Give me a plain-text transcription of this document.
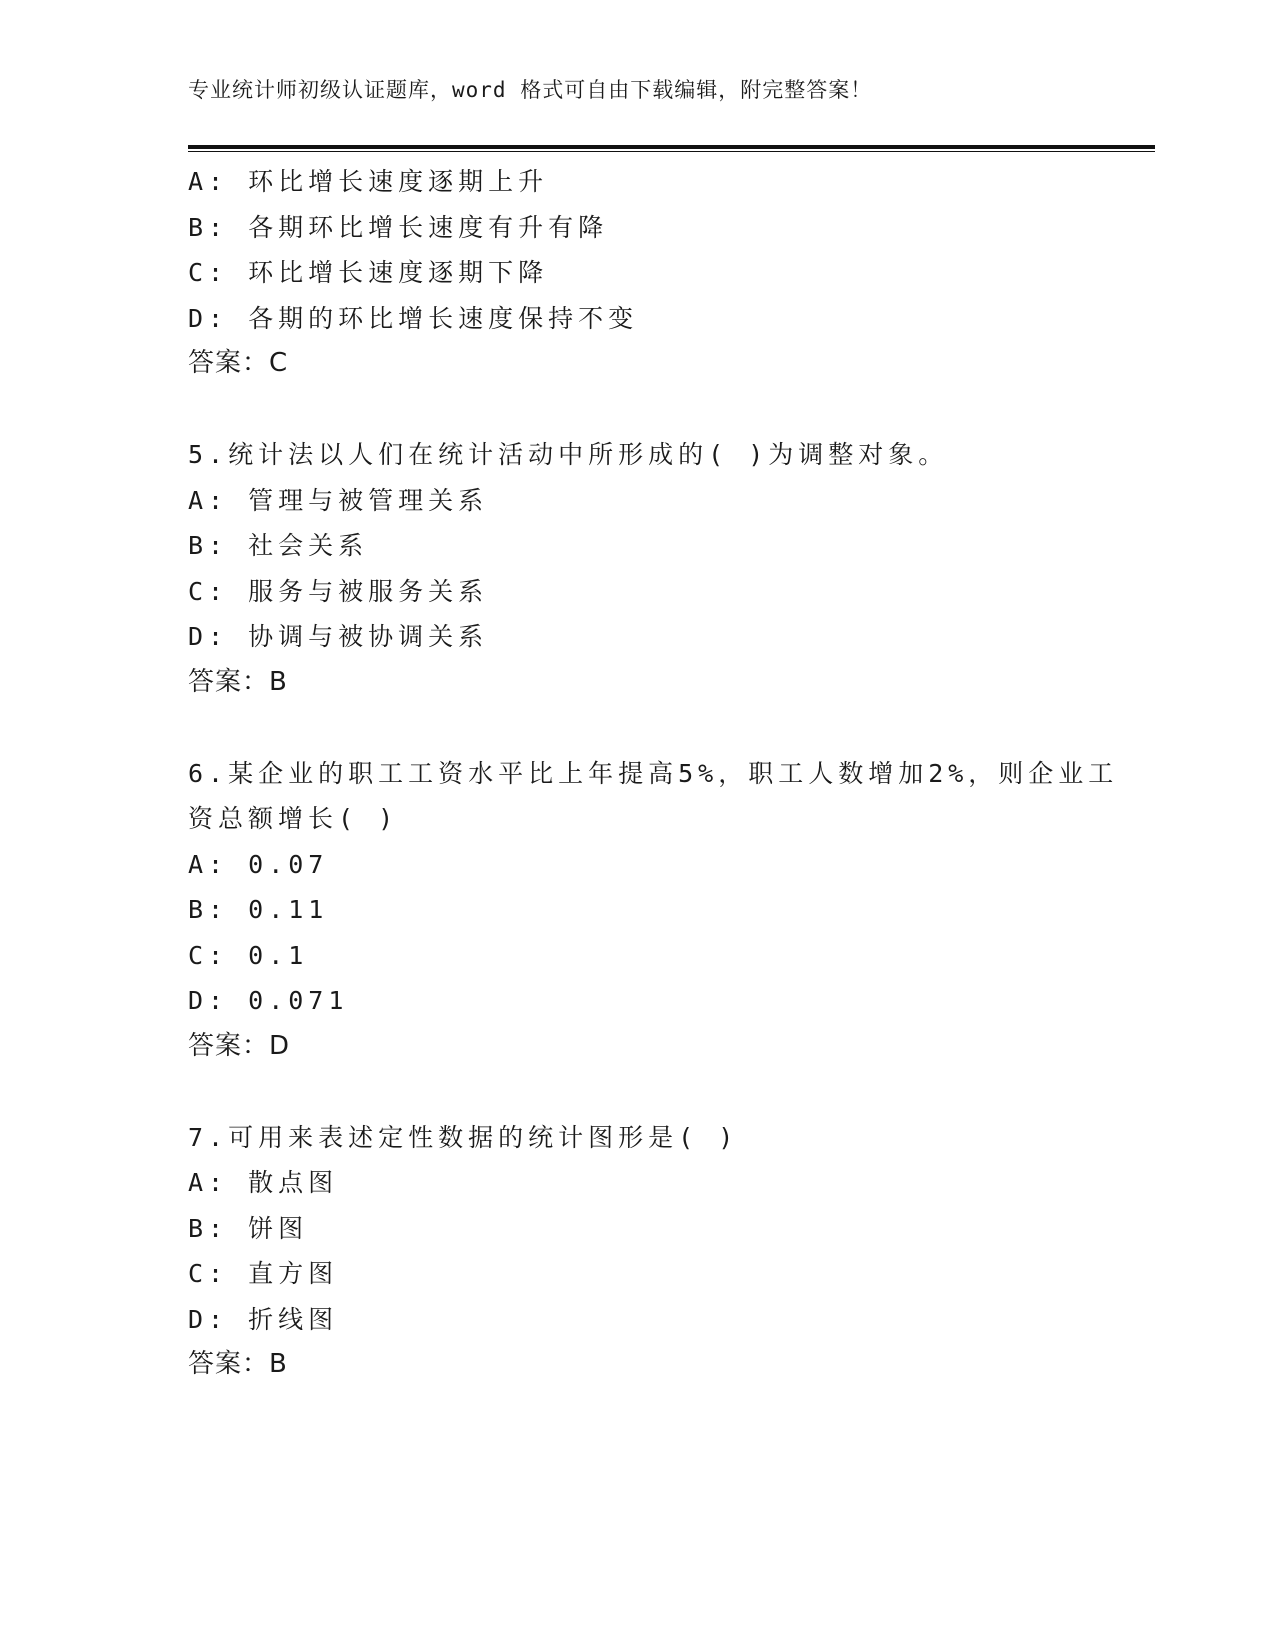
专业统计师初级认证题库，word 格式可自由下载编辑，附完整答案！
A: 环比增长速度逐期上升
B: 各期环比增长速度有升有降
C: 环比增长速度逐期下降
D: 各期的环比增长速度保持不变
答案：C
5.统计法以人们在统计活动中所形成的( )为调整对象。
A: 管理与被管理关系
B: 社会关系
C: 服务与被服务关系
D: 协调与被协调关系
答案：B
6.某企业的职工工资水平比上年提高5%，职工人数增加2%，则企业工
资总额增长( )
A: 0.07
B: 0.11
C: 0.1
D: 0.071
答案：D
7.可用来表述定性数据的统计图形是( )
A: 散点图
B: 饼图
C: 直方图
D: 折线图
答案：B
